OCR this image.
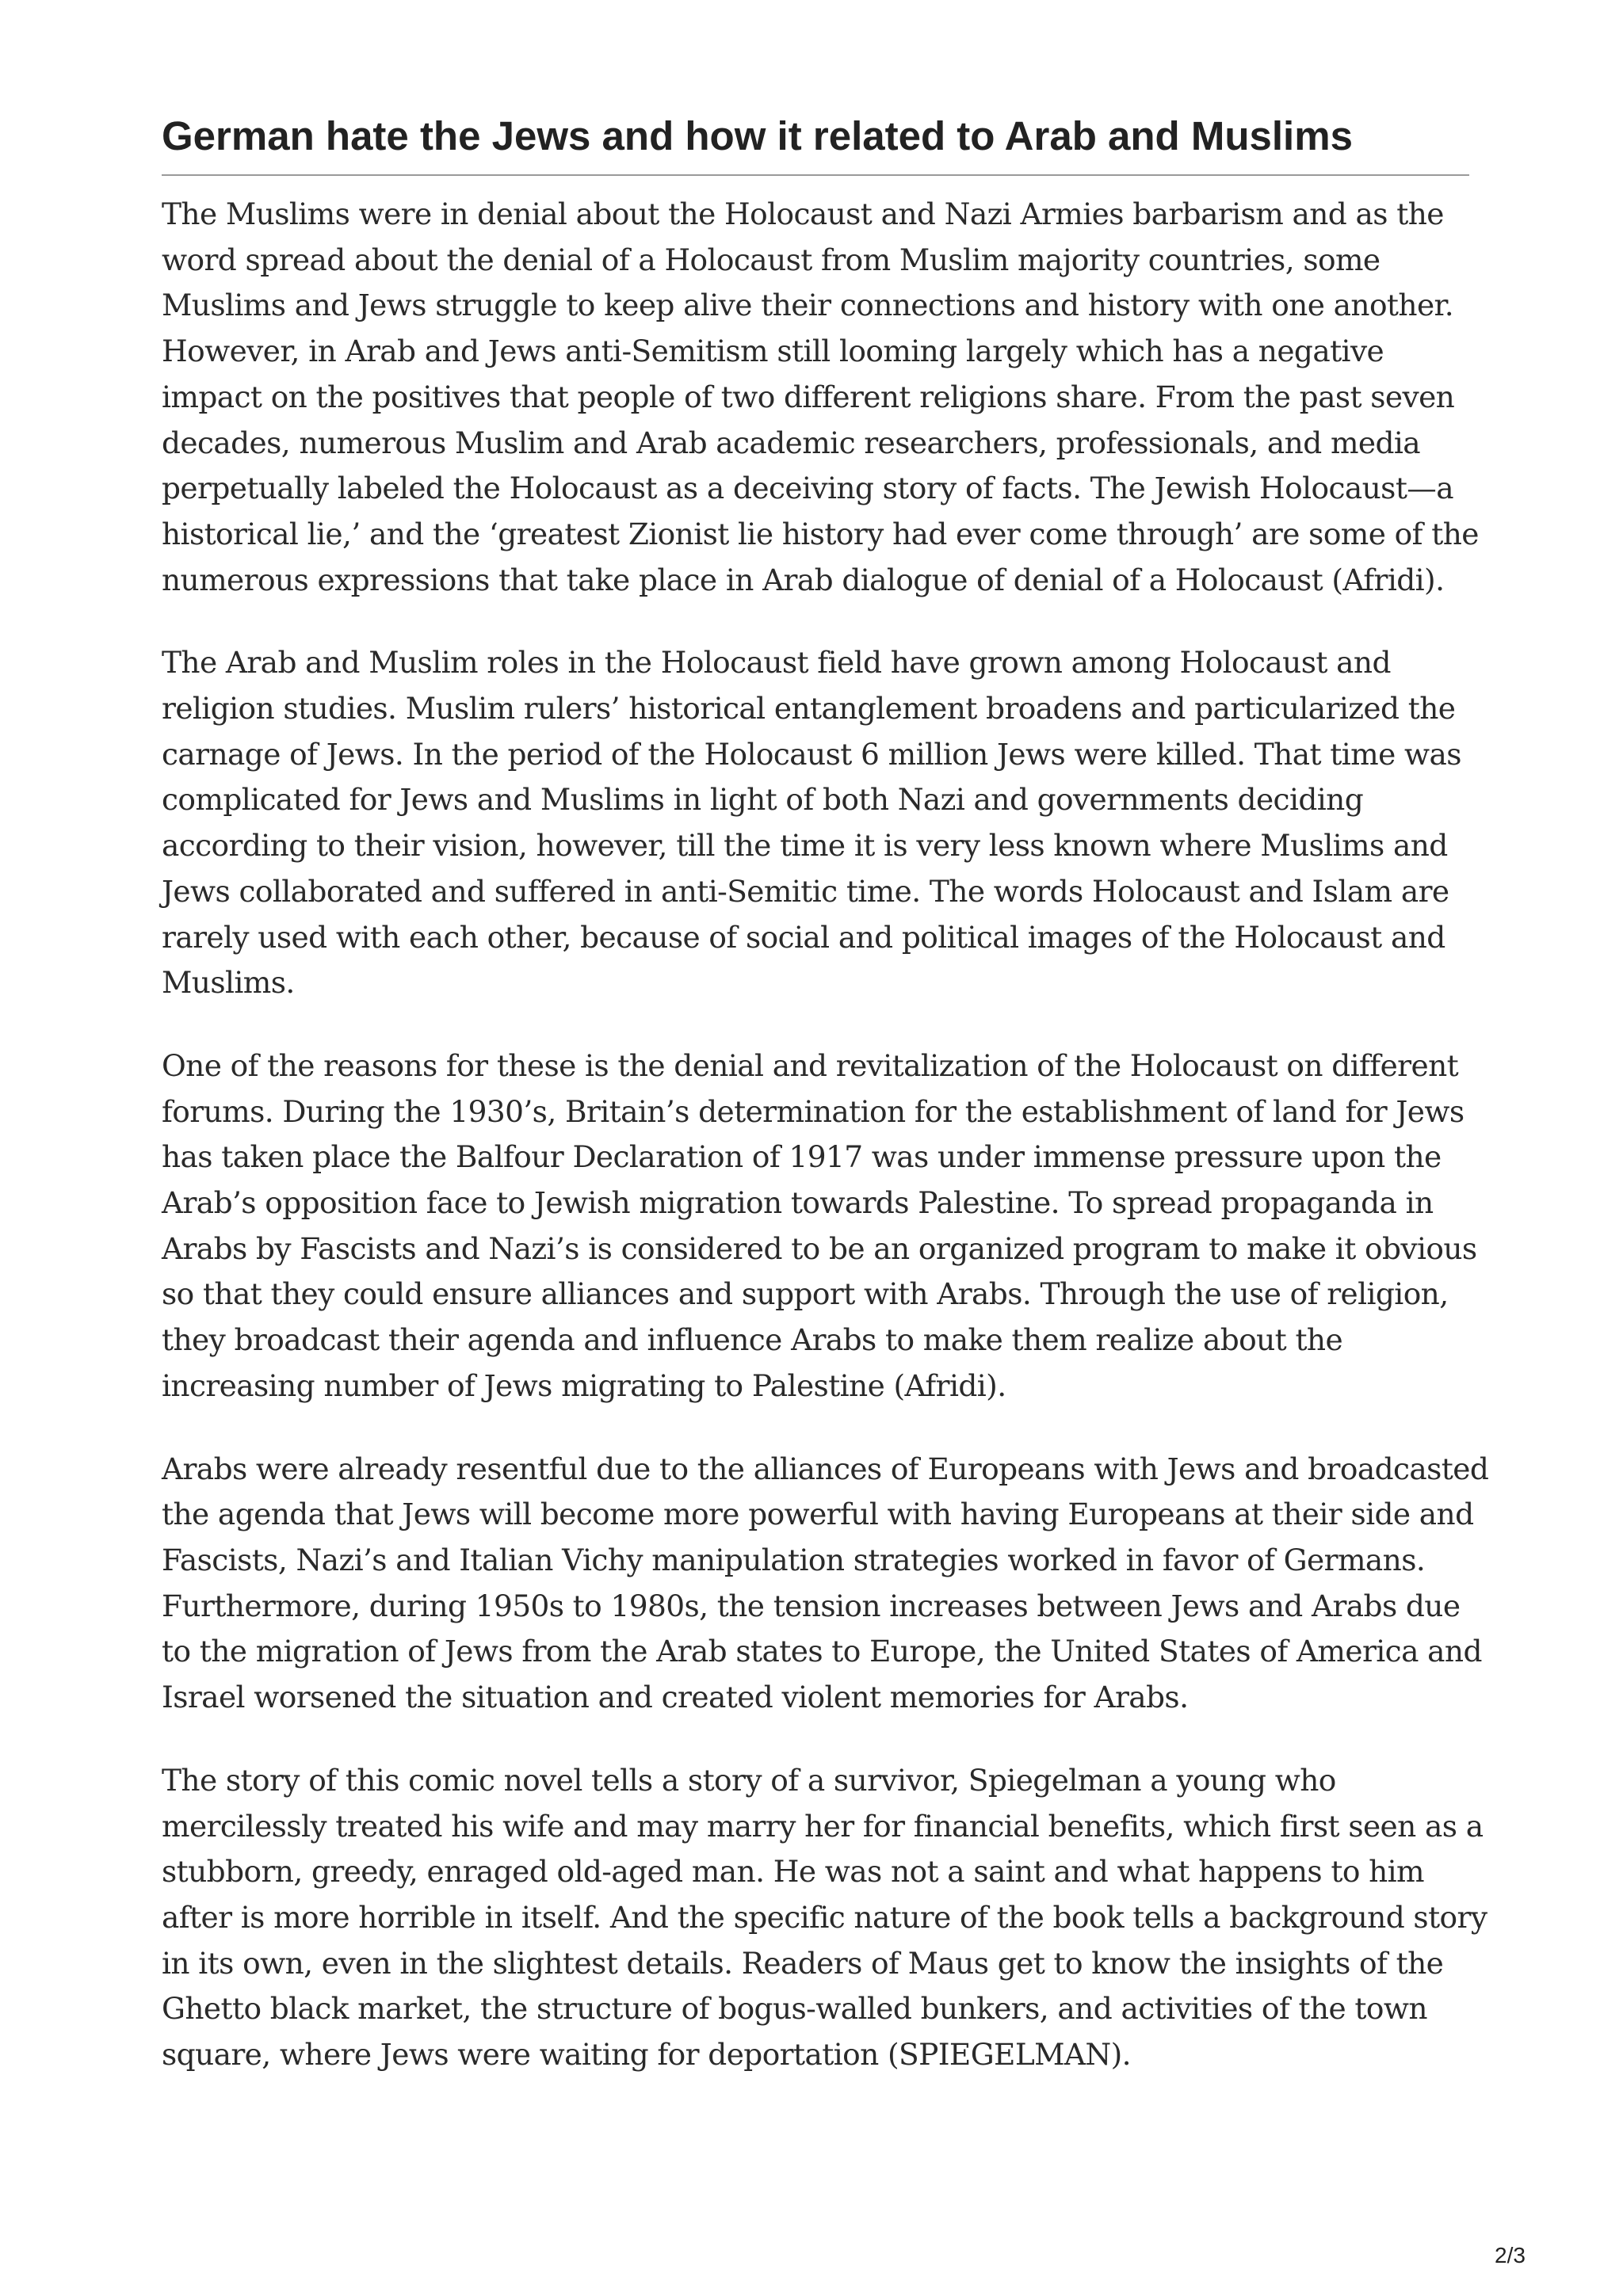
German hate the Jews and how it related to Arab and Muslims

The Muslims were in denial about the Holocaust and Nazi Armies barbarism and as the
word spread about the denial of a Holocaust from Muslim majority countries, some
Muslims and Jews struggle to keep alive their connections and history with one another.
However, in Arab and Jews anti-Semitism still looming largely which has a negative
impact on the positives that people of two different religions share. From the past seven
decades, numerous Muslim and Arab academic researchers, professionals, and media
perpetually labeled the Holocaust as a deceiving story of facts. The Jewish Holocaust—a
historical lie,’ and the ‘greatest Zionist lie history had ever come through’ are some of the
numerous expressions that take place in Arab dialogue of denial of a Holocaust (Afridi).

The Arab and Muslim roles in the Holocaust field have grown among Holocaust and
religion studies. Muslim rulers’ historical entanglement broadens and particularized the
carnage of Jews. In the period of the Holocaust 6 million Jews were killed. That time was
complicated for Jews and Muslims in light of both Nazi and governments deciding
according to their vision, however, till the time it is very less known where Muslims and
Jews collaborated and suffered in anti-Semitic time. The words Holocaust and Islam are
rarely used with each other, because of social and political images of the Holocaust and
Muslims.

One of the reasons for these is the denial and revitalization of the Holocaust on different
forums. During the 1930’s, Britain’s determination for the establishment of land for Jews
has taken place the Balfour Declaration of 1917 was under immense pressure upon the
Arab’s opposition face to Jewish migration towards Palestine. To spread propaganda in
Arabs by Fascists and Nazi’s is considered to be an organized program to make it obvious
so that they could ensure alliances and support with Arabs. Through the use of religion,
they broadcast their agenda and influence Arabs to make them realize about the
increasing number of Jews migrating to Palestine (Afridi).

Arabs were already resentful due to the alliances of Europeans with Jews and broadcasted
the agenda that Jews will become more powerful with having Europeans at their side and
Fascists, Nazi’s and Italian Vichy manipulation strategies worked in favor of Germans.
Furthermore, during 1950s to 1980s, the tension increases between Jews and Arabs due
to the migration of Jews from the Arab states to Europe, the United States of America and
Israel worsened the situation and created violent memories for Arabs.

The story of this comic novel tells a story of a survivor, Spiegelman a young who
mercilessly treated his wife and may marry her for financial benefits, which first seen as a
stubborn, greedy, enraged old-aged man. He was not a saint and what happens to him
after is more horrible in itself. And the specific nature of the book tells a background story
in its own, even in the slightest details. Readers of Maus get to know the insights of the
Ghetto black market, the structure of bogus-walled bunkers, and activities of the town
square, where Jews were waiting for deportation (SPIEGELMAN).

2/3
